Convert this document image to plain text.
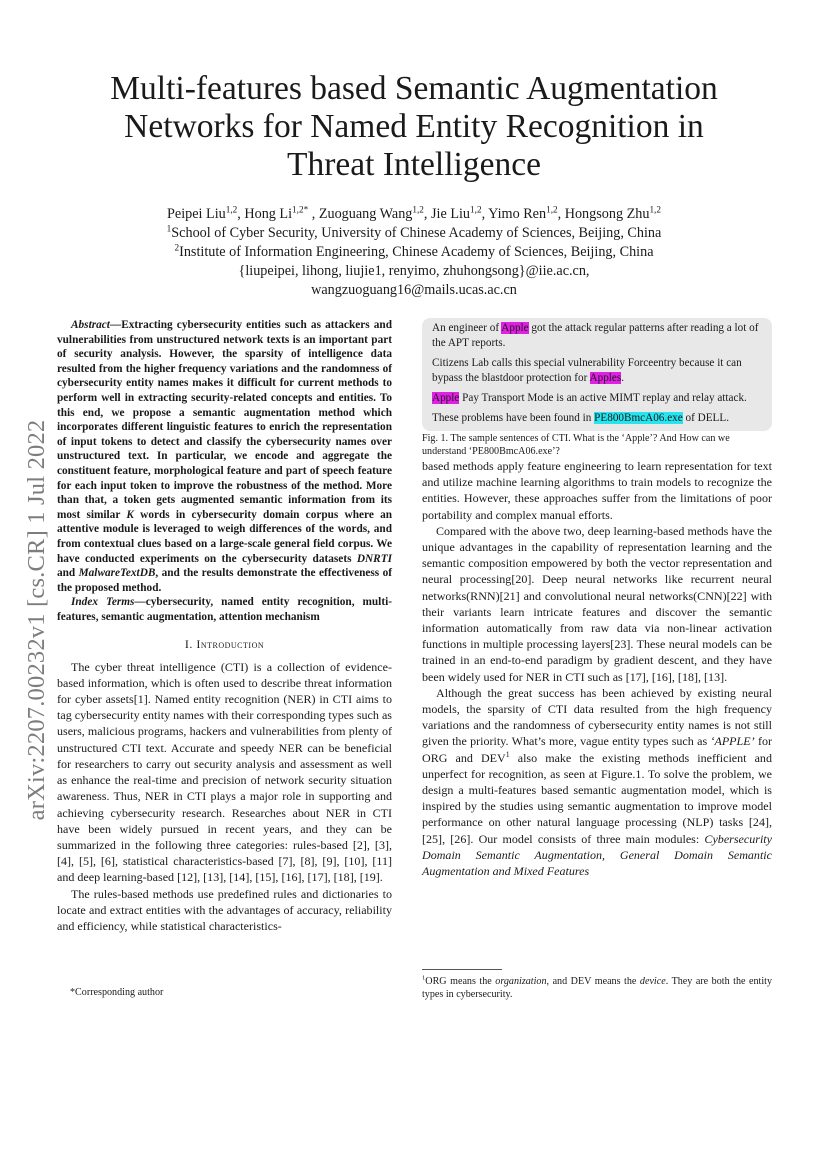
arXiv:2207.00232v1 [cs.CR] 1 Jul 2022
Multi-features based Semantic Augmentation Networks for Named Entity Recognition in Threat Intelligence
Peipei Liu$^{1,2}$, Hong $Li^{1,2*}$ , Zuoguang Wang$^{1,2}$, Jie Liu$^{1,2}$, Yimo Ren$^{1,2}$, Hongsong Zhu$^{1,2}$
$^1$School of Cyber Security, University of Chinese Academy of Sciences, Beijing, China
$^2$Institute of Information Engineering, Chinese Academy of Sciences, Beijing, China
{liupeipei, lihong, liujie1, renyimo, zhuhongsong}@iie.ac.cn,
wangzuoguang16@mails.ucas.ac.cn

Abstract—Extracting cybersecurity entities such as attackers and vulnerabilities from unstructured network texts is an important part of security analysis. However, the sparsity of intelligence data resulted from the higher frequency variations and the randomness of cybersecurity entity names makes it difficult for current methods to perform well in extracting security-related concepts and entities. To this end, we propose a semantic augmentation method which incorporates different linguistic features to enrich the representation of input tokens to detect and classify the cybersecurity names over unstructured text. In particular, we encode and aggregate the constituent feature, morphological feature and part of speech feature for each input token to improve the robustness of the method. More than that, a token gets augmented semantic information from its most similar K words in cybersecurity domain corpus where an attentive module is leveraged to weigh differences of the words, and from contextual clues based on a large-scale general field corpus. We have conducted experiments on the cybersecurity datasets DNRTI and MalwareTextDB, and the results demonstrate the effectiveness of the proposed method.

Index Terms—cybersecurity, named entity recognition, multi-features, semantic augmentation, attention mechanism

I. Introduction

The cyber threat intelligence (CTI) is a collection of evidence-based information, which is often used to describe threat information for cyber assets[1]. Named entity recognition (NER) in CTI aims to tag cybersecurity entity names with their corresponding types such as users, malicious programs, hackers and vulnerabilities from plenty of unstructured CTI text. Accurate and speedy NER can be beneficial for researchers to carry out security analysis and assessment as well as enhance the real-time and precision of network security situation awareness. Thus, NER in CTI plays a major role in supporting and achieving cybersecurity research. Researches about NER in CTI have been widely pursued in recent years, and they can be summarized in the following three categories: rules-based [2], [3], [4], [5], [6], statistical characteristics-based [7], [8], [9], [10], [11] and deep learning-based [12], [13], [14], [15], [16], [17], [18], [19].

The rules-based methods use predefined rules and dictionaries to locate and extract entities with the advantages of accuracy, reliability and efficiency, while statistical characteristics-

*Corresponding author

An engineer of Apple got the attack regular patterns after reading a lot of the APT reports.

Citizens Lab calls this special vulnerability Forceentry because it can bypass the blastdoor protection for Apples.

Apple Pay Transport Mode is an active MIMT replay and relay attack.

These problems have been found in PE800BmcA06.exe of DELL.

Fig. 1. The sample sentences of CTI. What is the ‘Apple’? And How can we understand ‘PE800BmcA06.exe’?

based methods apply feature engineering to learn representation for text and utilize machine learning algorithms to train models to recognize the entities. However, these approaches suffer from the limitations of poor portability and complex manual efforts.

Compared with the above two, deep learning-based methods have the unique advantages in the capability of representation learning and the semantic composition empowered by both the vector representation and neural processing[20]. Deep neural networks like recurrent neural networks(RNN)[21] and convolutional neural networks(CNN)[22] with their variants learn intricate features and discover the semantic information automatically from raw data via non-linear activation functions in multiple processing layers[23]. These neural models can be trained in an end-to-end paradigm by gradient descent, and they have been widely used for NER in CTI such as [17], [16], [18], [13].

Although the great success has been achieved by existing neural models, the sparsity of CTI data resulted from the high frequency variations and the randomness of cybersecurity entity names is not still given the priority. What’s more, vague entity types such as ‘APPLE’ for ORG and DEV$^1$ also make the existing methods inefficient and unperfect for recognition, as seen at Figure.1. To solve the problem, we design a multi-features based semantic augmentation model, which is inspired by the studies using semantic augmentation to improve model performance on other natural language processing (NLP) tasks [24], [25], [26]. Our model consists of three main modules: Cybersecurity Domain Semantic Augmentation, General Domain Semantic Augmentation and Mixed Features

$^1$ORG means the organization, and DEV means the device. They are both the entity types in cybersecurity.
